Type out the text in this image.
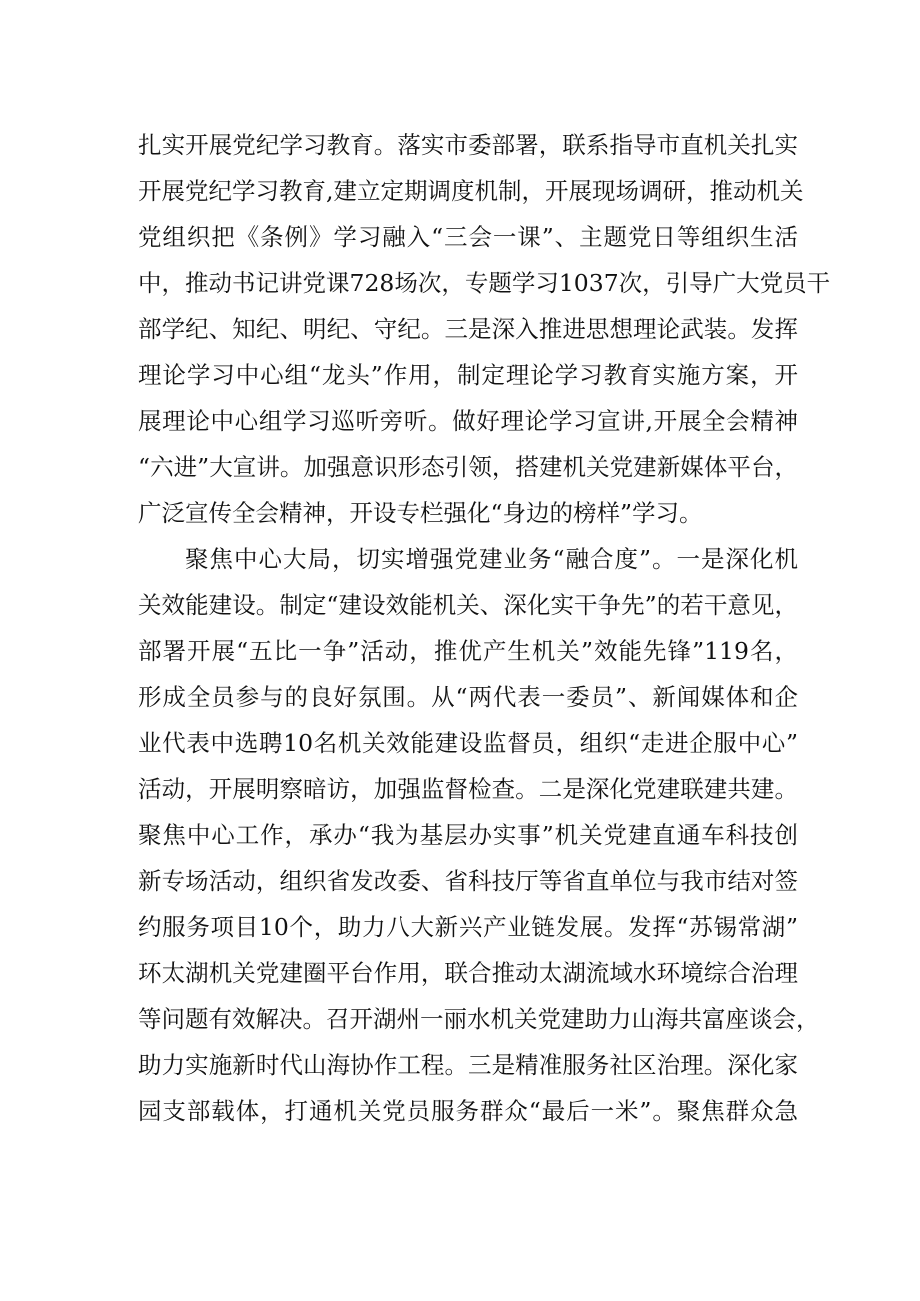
扎实开展党纪学习教育。落实市委部署，联系指导市直机关扎实
开展党纪学习教育,建立定期调度机制，开展现场调研，推动机关
党组织把《条例》学习融入“三会一课”、主题党日等组织生活
中，推动书记讲党课728场次，专题学习1037次，引导广大党员干
部学纪、知纪、明纪、守纪。三是深入推进思想理论武装。发挥
理论学习中心组“龙头”作用，制定理论学习教育实施方案，开
展理论中心组学习巡听旁听。做好理论学习宣讲,开展全会精神
“六进”大宣讲。加强意识形态引领，搭建机关党建新媒体平台，
广泛宣传全会精神，开设专栏强化“身边的榜样”学习。
聚焦中心大局，切实增强党建业务“融合度”。一是深化机
关效能建设。制定“建设效能机关、深化实干争先”的若干意见，
部署开展“五比一争”活动，推优产生机关”效能先锋”119名，
形成全员参与的良好氛围。从“两代表一委员”、新闻媒体和企
业代表中选聘10名机关效能建设监督员，组织“走进企服中心”
活动，开展明察暗访，加强监督检查。二是深化党建联建共建。
聚焦中心工作，承办“我为基层办实事”机关党建直通车科技创
新专场活动，组织省发改委、省科技厅等省直单位与我市结对签
约服务项目10个，助力八大新兴产业链发展。发挥“苏锡常湖”
环太湖机关党建圈平台作用，联合推动太湖流域水环境综合治理
等问题有效解决。召开湖州一丽水机关党建助力山海共富座谈会，
助力实施新时代山海协作工程。三是精准服务社区治理。深化家
园支部载体，打通机关党员服务群众“最后一米”。聚焦群众急
